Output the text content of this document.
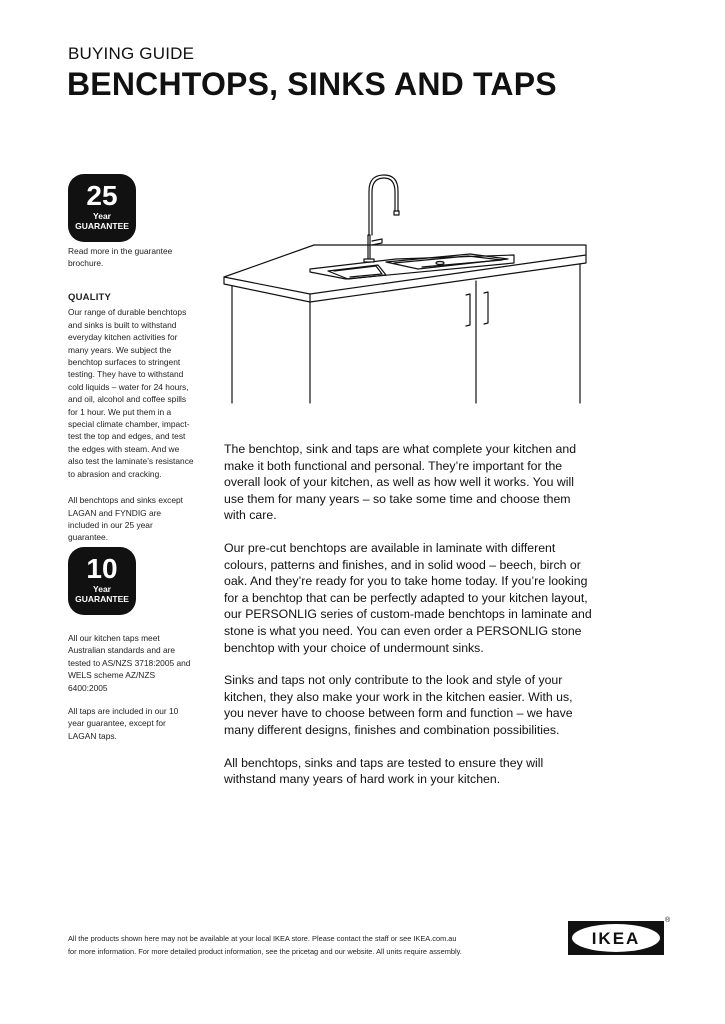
BUYING GUIDE
BENCHTOPS, SINKS AND TAPS
25
Year
GUARANTEE

Read more in the guarantee brochure.

QUALITY

Our range of durable benchtops and sinks is built to withstand everyday kitchen activities for many years. We subject the benchtop surfaces to stringent testing. They have to withstand cold liquids – water for 24 hours, and oil, alcohol and coffee spills for 1 hour. We put them in a special climate chamber, impact-test the top and edges, and test the edges with steam. And we also test the laminate’s resistance to abrasion and cracking.

All benchtops and sinks except LAGAN and FYNDIG are included in our 25 year guarantee.

10
Year
GUARANTEE

All our kitchen taps meet Australian standards and are tested to AS/NZS 3718:2005 and WELS scheme AZ/NZS 6400:2005

All taps are included in our 10 year guarantee, except for LAGAN taps.

The benchtop, sink and taps are what complete your kitchen and make it both functional and personal. They’re important for the overall look of your kitchen, as well as how well it works. You will use them for many years – so take some time and choose them with care.

Our pre-cut benchtops are available in laminate with different colours, patterns and finishes, and in solid wood – beech, birch or oak. And they’re ready for you to take home today. If you’re looking for a benchtop that can be perfectly adapted to your kitchen layout, our PERSONLIG series of custom-made benchtops in laminate and stone is what you need. You can even order a PERSONLIG stone benchtop with your choice of undermount sinks.

Sinks and taps not only contribute to the look and style of your kitchen, they also make your work in the kitchen easier. With us, you never have to choose between form and function – we have many different designs, finishes and combination possibilities.

All benchtops, sinks and taps are tested to ensure they will withstand many years of hard work in your kitchen.

All the products shown here may not be available at your local IKEA store. Please contact the staff or see IKEA.com.au
for more information. For more detailed product information, see the pricetag and our website. All units require assembly.
IKEA
®
